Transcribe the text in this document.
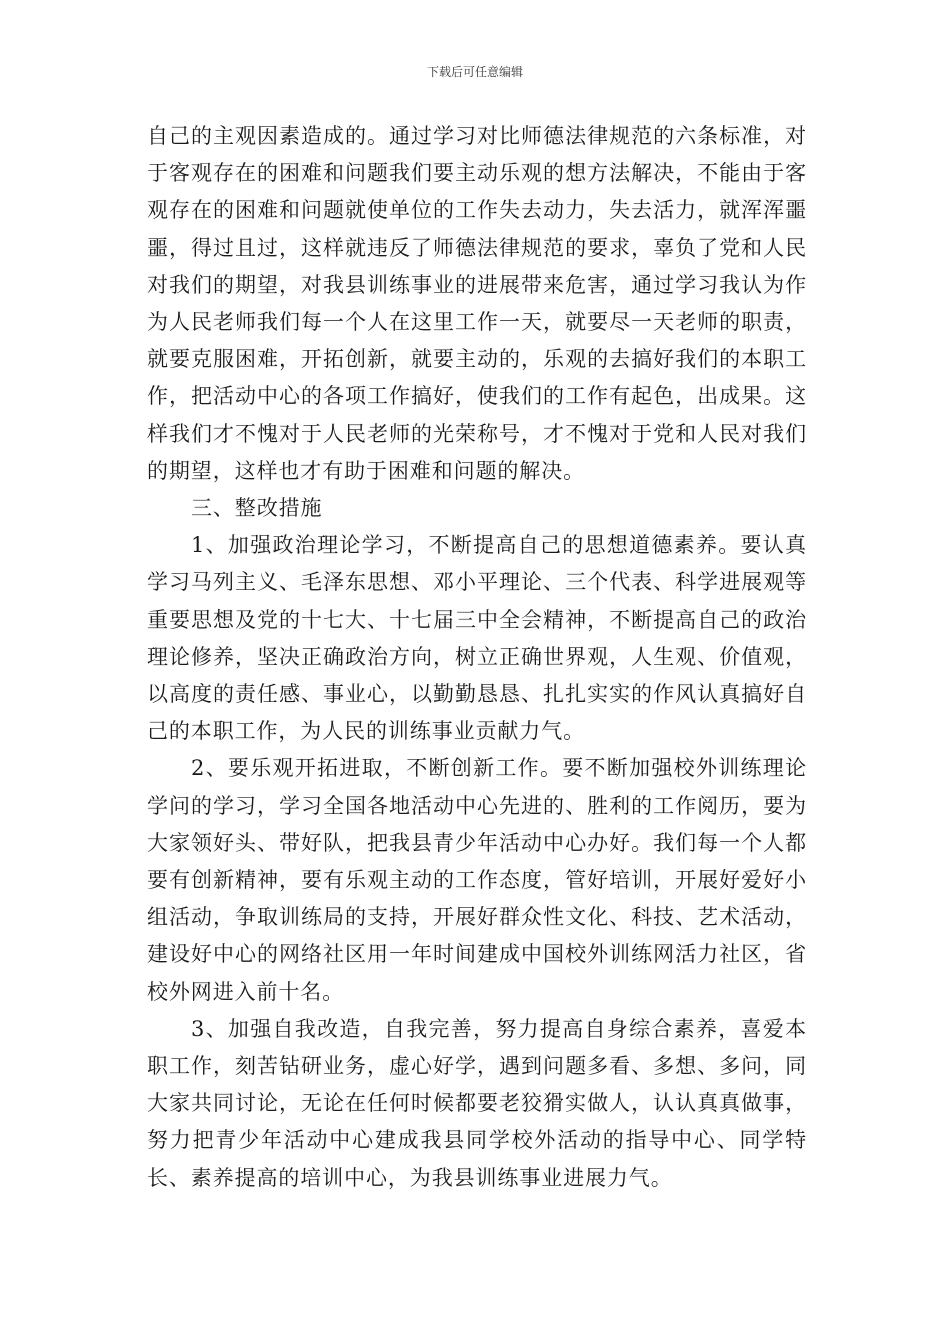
下载后可任意编辑

自己的主观因素造成的。通过学习对比师德法律规范的六条标准，对于客观存在的困难和问题我们要主动乐观的想方法解决，不能由于客观存在的困难和问题就使单位的工作失去动力，失去活力，就浑浑噩噩，得过且过，这样就违反了师德法律规范的要求，辜负了党和人民对我们的期望，对我县训练事业的进展带来危害，通过学习我认为作为人民老师我们每一个人在这里工作一天，就要尽一天老师的职责，就要克服困难，开拓创新，就要主动的，乐观的去搞好我们的本职工作，把活动中心的各项工作搞好，使我们的工作有起色，出成果。这样我们才不愧对于人民老师的光荣称号，才不愧对于党和人民对我们的期望，这样也才有助于困难和问题的解决。

三、整改措施

1、加强政治理论学习，不断提高自己的思想道德素养。要认真学习马列主义、毛泽东思想、邓小平理论、三个代表、科学进展观等重要思想及党的十七大、十七届三中全会精神，不断提高自己的政治理论修养，坚决正确政治方向，树立正确世界观，人生观、价值观，以高度的责任感、事业心，以勤勤恳恳、扎扎实实的作风认真搞好自己的本职工作，为人民的训练事业贡献力气。

2、要乐观开拓进取，不断创新工作。要不断加强校外训练理论学问的学习，学习全国各地活动中心先进的、胜利的工作阅历，要为大家领好头、带好队，把我县青少年活动中心办好。我们每一个人都要有创新精神，要有乐观主动的工作态度，管好培训，开展好爱好小组活动，争取训练局的支持，开展好群众性文化、科技、艺术活动，建设好中心的网络社区用一年时间建成中国校外训练网活力社区，省校外网进入前十名。

3、加强自我改造，自我完善，努力提高自身综合素养，喜爱本职工作，刻苦钻研业务，虚心好学，遇到问题多看、多想、多问，同大家共同讨论，无论在任何时候都要老狡猾实做人，认认真真做事，努力把青少年活动中心建成我县同学校外活动的指导中心、同学特长、素养提高的培训中心，为我县训练事业进展力气。
